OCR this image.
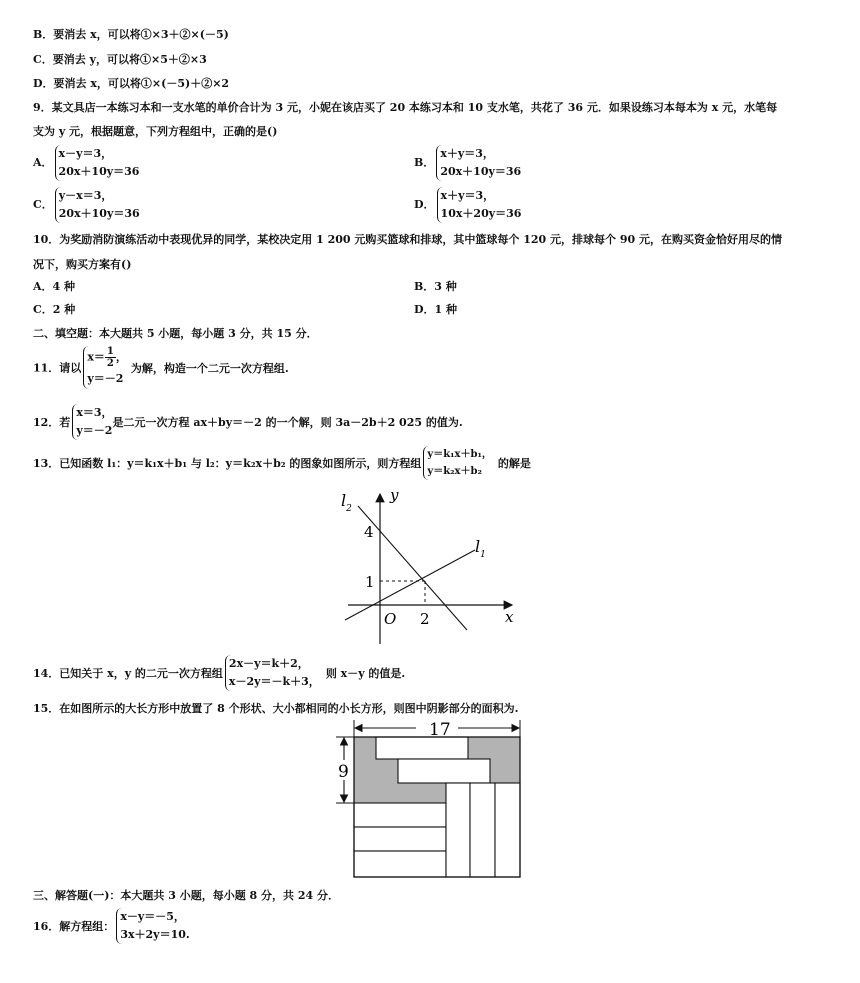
B．要消去 x，可以将①×3＋②×(－5)
C．要消去 y，可以将①×5＋②×3
D．要消去 x，可以将①×(－5)＋②×2
9．某文具店一本练习本和一支水笔的单价合计为 3 元，小妮在该店买了 20 本练习本和 10 支水笔，共花了 36 元．如果设练习本每本为 x 元，水笔每
支为 y 元，根据题意，下列方程组中，正确的是()
A．
x－y＝3，
20x＋10y＝36
B．
x＋y＝3，
20x＋10y＝36
C．
y－x＝3，
20x＋10y＝36
D．
x＋y＝3，
10x＋20y＝36
10．为奖励消防演练活动中表现优异的同学，某校决定用 1 200 元购买篮球和排球，其中篮球每个 120 元，排球每个 90 元，在购买资金恰好用尽的情
况下，购买方案有()
A．4 种	B．3 种
C．2 种	D．1 种
二、填空题：本大题共 5 小题，每小题 3 分，共 15 分．
11．请以
$x= \frac{1}{2}$ ，
y＝－2
为解，构造一个二元一次方程组.
12．若
x＝3，
y＝－2
是二元一次方程 ax＋by＝－2 的一个解，则 3a－2b＋2 025 的值为.
13．已知函数 l₁：y＝k₁x＋b₁ 与 l₂：y＝k₂x＋b₂ 的图象如图所示，则方程组
y＝k₁x＋b₁，
y＝k₂x＋b₂
的解是
$l_2$
$l_1$
y
x
O
4
1
2
14．已知关于 x，y 的二元一次方程组
2x－y＝k＋2，
x－2y＝－k＋3，
则 x－y 的值是.
15．在如图所示的大长方形中放置了 8 个形状、大小都相同的小长方形，则图中阴影部分的面积为.
17
9
三、解答题(一)：本大题共 3 小题，每小题 8 分，共 24 分．
16．解方程组：
x－y＝－5，
3x＋2y＝10.
